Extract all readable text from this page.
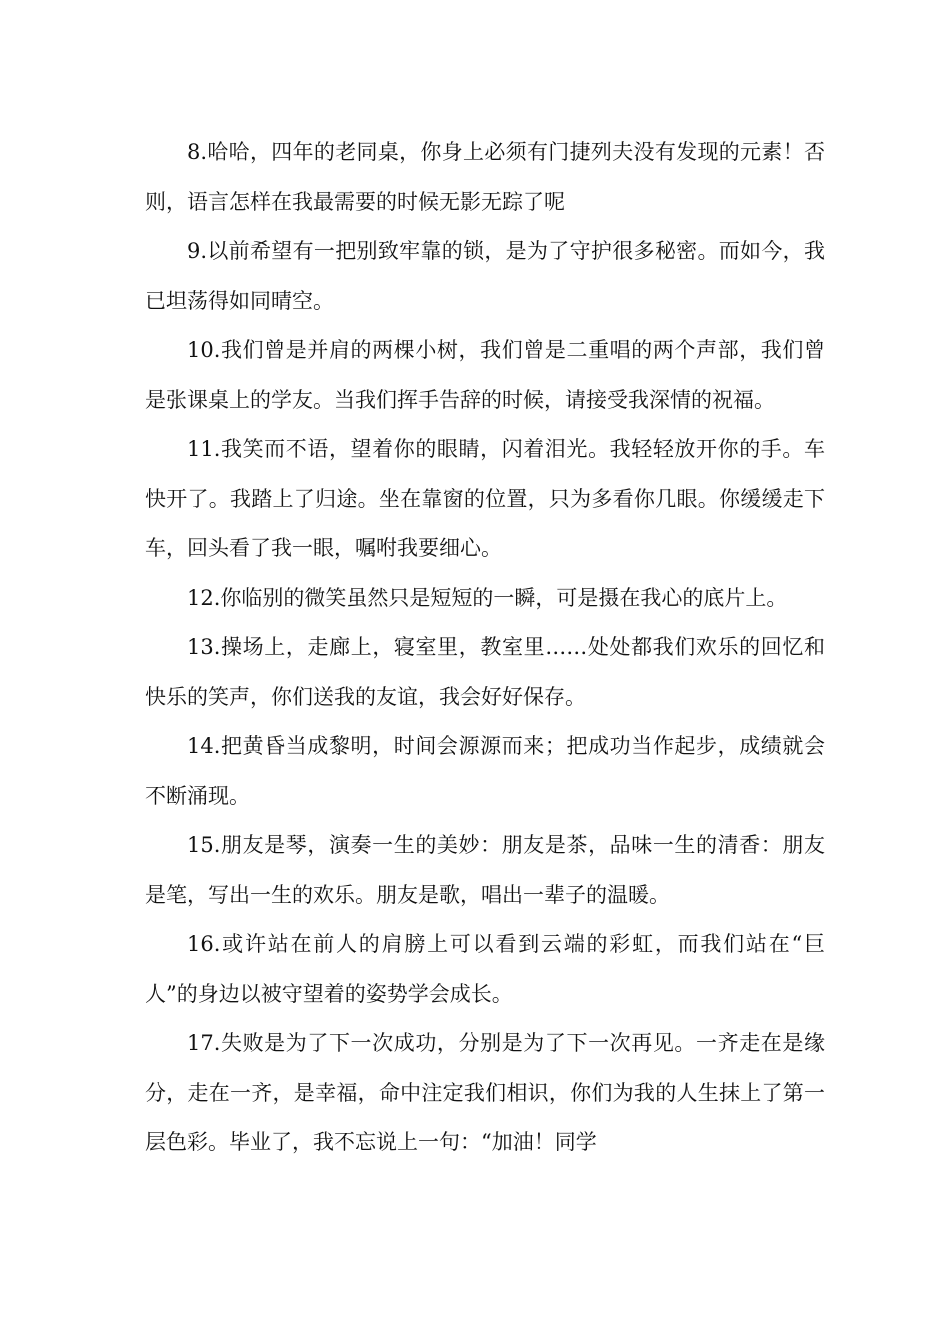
8.哈哈，四年的老同桌，你身上必须有门捷列夫没有发现的元素！否则，语言怎样在我最需要的时候无影无踪了呢

9.以前希望有一把别致牢靠的锁，是为了守护很多秘密。而如今，我已坦荡得如同晴空。

10.我们曾是并肩的两棵小树，我们曾是二重唱的两个声部，我们曾是张课桌上的学友。当我们挥手告辞的时候，请接受我深情的祝福。

11.我笑而不语，望着你的眼睛，闪着泪光。我轻轻放开你的手。车快开了。我踏上了归途。坐在靠窗的位置，只为多看你几眼。你缓缓走下车，回头看了我一眼，嘱咐我要细心。

12.你临别的微笑虽然只是短短的一瞬，可是摄在我心的底片上。

13.操场上，走廊上，寝室里，教室里……处处都我们欢乐的回忆和快乐的笑声，你们送我的友谊，我会好好保存。

14.把黄昏当成黎明，时间会源源而来；把成功当作起步，成绩就会不断涌现。

15.朋友是琴，演奏一生的美妙：朋友是茶，品味一生的清香：朋友是笔，写出一生的欢乐。朋友是歌，唱出一辈子的温暖。

16.或许站在前人的肩膀上可以看到云端的彩虹，而我们站在“巨人”的身边以被守望着的姿势学会成长。

17.失败是为了下一次成功，分别是为了下一次再见。一齐走在是缘分，走在一齐，是幸福，命中注定我们相识，你们为我的人生抹上了第一层色彩。毕业了，我不忘说上一句：“加油！同学
